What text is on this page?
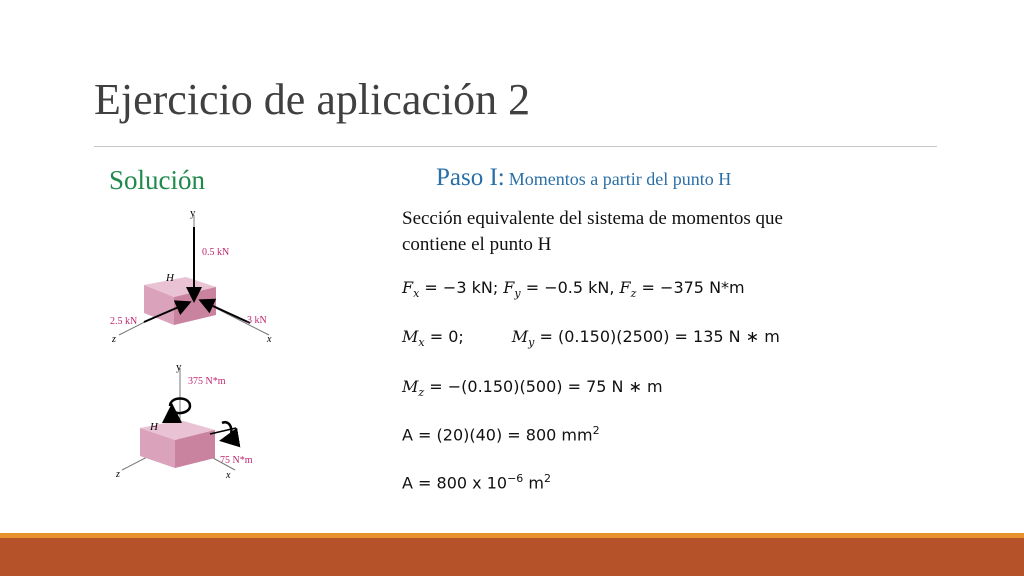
Ejercicio de aplicación 2
Solución	Paso I: Momentos a partir del punto H
Sección equivalente del sistema de momentos que contiene el punto H
$F_x = -3$ kN; $F_y = -0.5$ kN, $F_z = -375$ N*m
$M_x = 0$;	$M_y = (0.150)(2500) = 135$ N ∗ m
$M_z = -(0.150)(500) = 75$ N ∗ m
A = (20)(40) = 800 $mm^2$
A = 800 x $10^{-6}$ $m^2$
y
x
z
H
0.5 kN
3 kN
2.5 kN
y
x
z
H
375 N*m
75 N*m
